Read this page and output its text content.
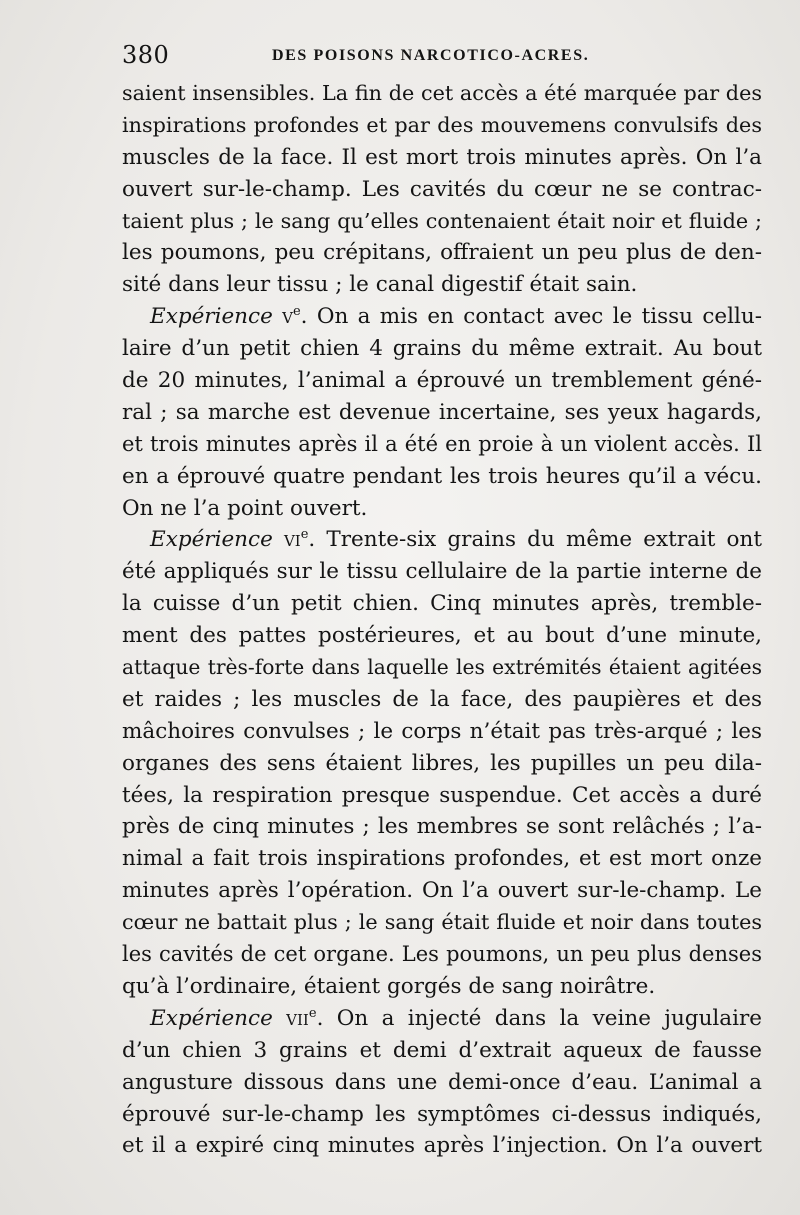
380	DES POISONS NARCOTICO-ACRES.
saient insensibles. La fin de cet accès a été marquée par des
inspirations profondes et par des mouvemens convulsifs des
muscles de la face. Il est mort trois minutes après. On l’a
ouvert sur-le-champ. Les cavités du cœur ne se contrac-
taient plus ; le sang qu’elles contenaient était noir et fluide ;
les poumons, peu crépitans, offraient un peu plus de den-
sité dans leur tissu ; le canal digestif était sain.
Expérience $v^e$. On a mis en contact avec le tissu cellu-
laire d’un petit chien 4 grains du même extrait. Au bout
de 20 minutes, l’animal a éprouvé un tremblement géné-
ral ; sa marche est devenue incertaine, ses yeux hagards,
et trois minutes après il a été en proie à un violent accès. Il
en a éprouvé quatre pendant les trois heures qu’il a vécu.
On ne l’a point ouvert.
Expérience $vi^e$. Trente-six grains du même extrait ont
été appliqués sur le tissu cellulaire de la partie interne de
la cuisse d’un petit chien. Cinq minutes après, tremble-
ment des pattes postérieures, et au bout d’une minute,
attaque très-forte dans laquelle les extrémités étaient agitées
et raides ; les muscles de la face, des paupières et des
mâchoires convulses ; le corps n’était pas très-arqué ; les
organes des sens étaient libres, les pupilles un peu dila-
tées, la respiration presque suspendue. Cet accès a duré
près de cinq minutes ; les membres se sont relâchés ; l’a-
nimal a fait trois inspirations profondes, et est mort onze
minutes après l’opération. On l’a ouvert sur-le-champ. Le
cœur ne battait plus ; le sang était fluide et noir dans toutes
les cavités de cet organe. Les poumons, un peu plus denses
qu’à l’ordinaire, étaient gorgés de sang noirâtre.
Expérience vii$^e$. On a injecté dans la veine jugulaire
d’un chien 3 grains et demi d’extrait aqueux de fausse
angusture dissous dans une demi-once d’eau. L’animal a
éprouvé sur-le-champ les symptômes ci-dessus indiqués,
et il a expiré cinq minutes après l’injection. On l’a ouvert
